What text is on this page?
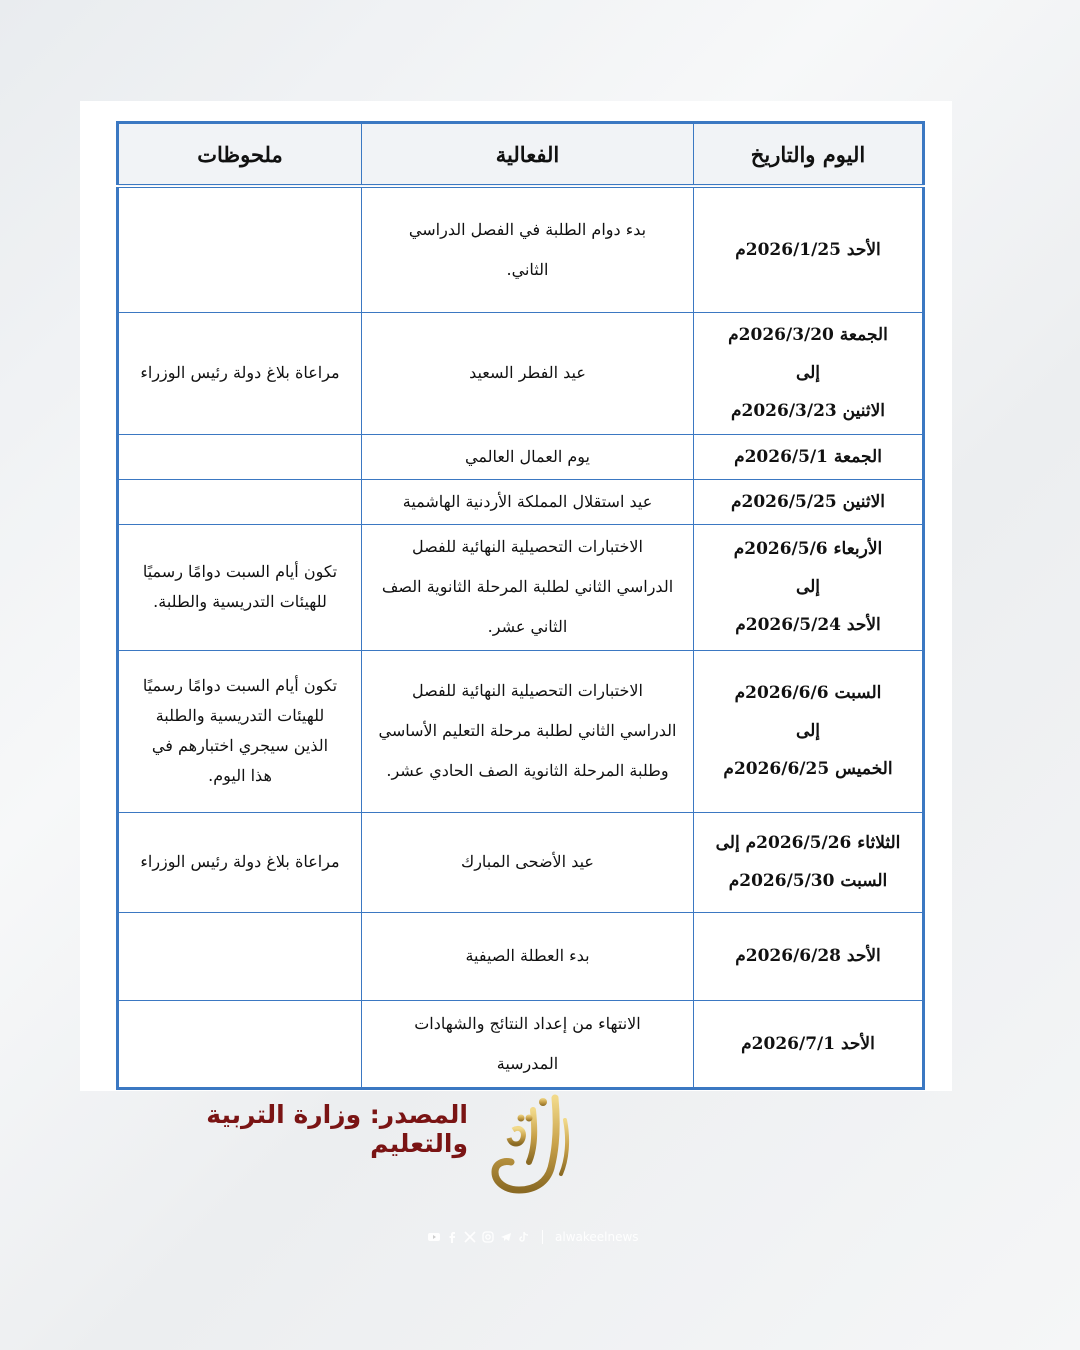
اليوم والتاريخ	الفعالية	ملحوظات

الأحد 2026/1/25م	بدء دوام الطلبة في الفصل الدراسي
الثاني.	

الجمعة 2026/3/20م
إلى
الاثنين 2026/3/23م	عيد الفطر السعيد	مراعاة بلاغ دولة رئيس الوزراء

الجمعة 2026/5/1م	يوم العمال العالمي	

الاثنين 2026/5/25م	عيد استقلال المملكة الأردنية الهاشمية	

الأربعاء 2026/5/6م
إلى
الأحد 2026/5/24م	الاختبارات التحصيلية النهائية للفصل
الدراسي الثاني لطلبة المرحلة الثانوية الصف
الثاني عشر.	تكون أيام السبت دوامًا رسميًا
للهيئات التدريسية والطلبة.

السبت 2026/6/6م
إلى
الخميس 2026/6/25م	الاختبارات التحصيلية النهائية للفصل
الدراسي الثاني لطلبة مرحلة التعليم الأساسي
وطلبة المرحلة الثانوية الصف الحادي عشر.	تكون أيام السبت دوامًا رسميًا
للهيئات التدريسية والطلبة
الذين سيجري اختبارهم في
هذا اليوم.

الثلاثاء 2026/5/26م إلى
السبت 2026/5/30م	عيد الأضحى المبارك	مراعاة بلاغ دولة رئيس الوزراء

الأحد 2026/6/28م	بدء العطلة الصيفية	

الأحد 2026/7/1م	الانتهاء من إعداد النتائج والشهادات
المدرسية	

المصدر: وزارة التربية والتعليم
alwakeelnews
